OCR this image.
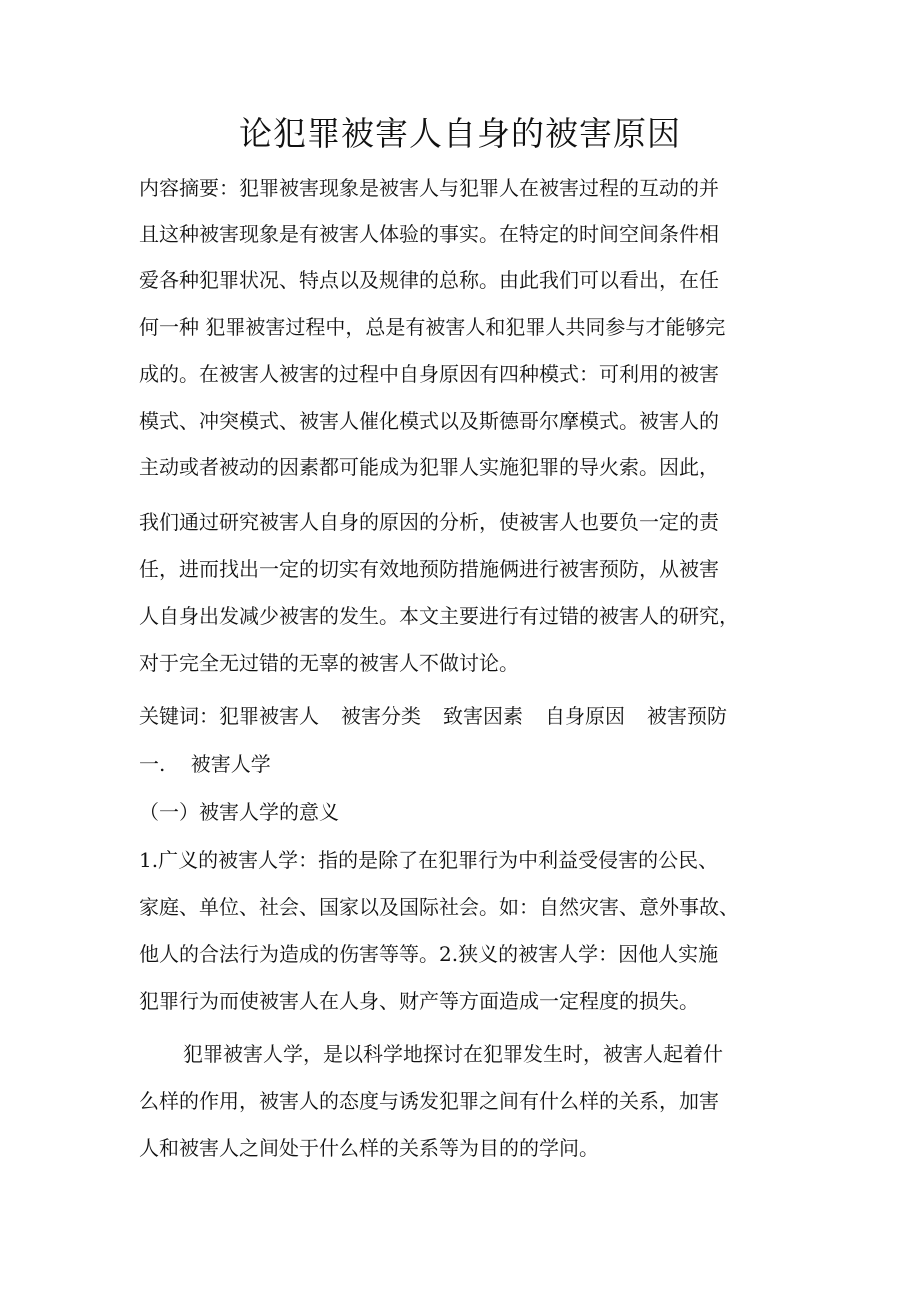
论犯罪被害人自身的被害原因
内容摘要：犯罪被害现象是被害人与犯罪人在被害过程的互动的并
且这种被害现象是有被害人体验的事实。在特定的时间空间条件相
爱各种犯罪状况、特点以及规律的总称。由此我们可以看出，在任
何一种 犯罪被害过程中，总是有被害人和犯罪人共同参与才能够完
成的。在被害人被害的过程中自身原因有四种模式：可利用的被害
模式、冲突模式、被害人催化模式以及斯德哥尔摩模式。被害人的
主动或者被动的因素都可能成为犯罪人实施犯罪的导火索。因此，
我们通过研究被害人自身的原因的分析，使被害人也要负一定的责
任，进而找出一定的切实有效地预防措施俩进行被害预防，从被害
人自身出发减少被害的发生。本文主要进行有过错的被害人的研究，
对于完全无过错的无辜的被害人不做讨论。
关键词：犯罪被害人 被害分类 致害因素 自身原因 被害预防
一.    被害人学
（一）被害人学的意义
1.广义的被害人学：指的是除了在犯罪行为中利益受侵害的公民、
家庭、单位、社会、国家以及国际社会。如：自然灾害、意外事故、
他人的合法行为造成的伤害等等。2.狭义的被害人学：因他人实施
犯罪行为而使被害人在人身、财产等方面造成一定程度的损失。
犯罪被害人学，是以科学地探讨在犯罪发生时，被害人起着什
么样的作用，被害人的态度与诱发犯罪之间有什么样的关系，加害
人和被害人之间处于什么样的关系等为目的的学问。
